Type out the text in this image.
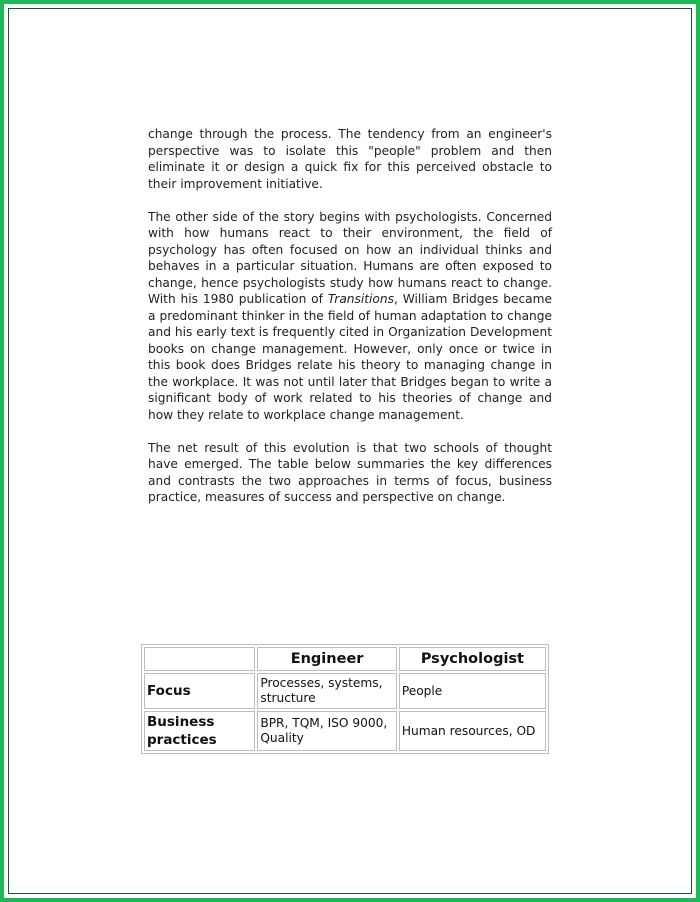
change through the process. The tendency from an engineer's perspective was to isolate this "people" problem and then eliminate it or design a quick fix for this perceived obstacle to their improvement initiative.

The other side of the story begins with psychologists. Concerned with how humans react to their environment, the field of psychology has often focused on how an individual thinks and behaves in a particular situation. Humans are often exposed to change, hence psychologists study how humans react to change. With his 1980 publication of Transitions, William Bridges became a predominant thinker in the field of human adaptation to change and his early text is frequently cited in Organization Development books on change management. However, only once or twice in this book does Bridges relate his theory to managing change in the workplace. It was not until later that Bridges began to write a significant body of work related to his theories of change and how they relate to workplace change management.

The net result of this evolution is that two schools of thought have emerged. The table below summaries the key differences and contrasts the two approaches in terms of focus, business practice, measures of success and perspective on change.

	Engineer	Psychologist
Focus	Processes, systems, structure	People
Business practices	BPR, TQM, ISO 9000, Quality	Human resources, OD
